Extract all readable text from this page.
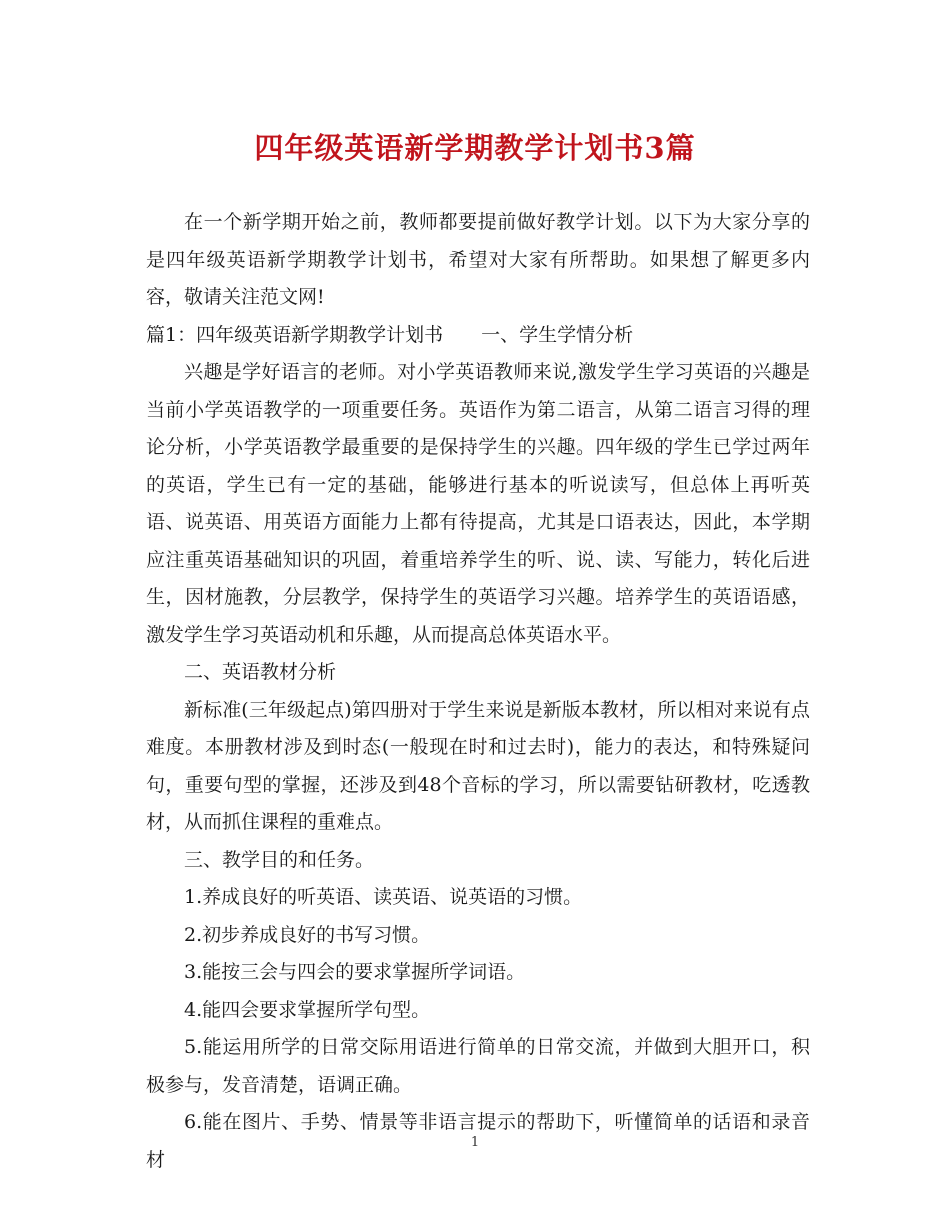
四年级英语新学期教学计划书3篇

在一个新学期开始之前，教师都要提前做好教学计划。以下为大家分享的是四年级英语新学期教学计划书，希望对大家有所帮助。如果想了解更多内容，敬请关注范文网!

篇1：四年级英语新学期教学计划书　　一、学生学情分析

兴趣是学好语言的老师。对小学英语教师来说,激发学生学习英语的兴趣是当前小学英语教学的一项重要任务。英语作为第二语言，从第二语言习得的理论分析，小学英语教学最重要的是保持学生的兴趣。四年级的学生已学过两年的英语，学生已有一定的基础，能够进行基本的听说读写，但总体上再听英语、说英语、用英语方面能力上都有待提高，尤其是口语表达，因此，本学期应注重英语基础知识的巩固，着重培养学生的听、说、读、写能力，转化后进生，因材施教，分层教学，保持学生的英语学习兴趣。培养学生的英语语感，激发学生学习英语动机和乐趣，从而提高总体英语水平。

二、英语教材分析

新标准(三年级起点)第四册对于学生来说是新版本教材，所以相对来说有点难度。本册教材涉及到时态(一般现在时和过去时)，能力的表达，和特殊疑问句，重要句型的掌握，还涉及到48个音标的学习，所以需要钻研教材，吃透教材，从而抓住课程的重难点。

三、教学目的和任务。

1.养成良好的听英语、读英语、说英语的习惯。

2.初步养成良好的书写习惯。

3.能按三会与四会的要求掌握所学词语。

4.能四会要求掌握所学句型。

5.能运用所学的日常交际用语进行简单的日常交流，并做到大胆开口，积极参与，发音清楚，语调正确。

6.能在图片、手势、情景等非语言提示的帮助下，听懂简单的话语和录音材

1
